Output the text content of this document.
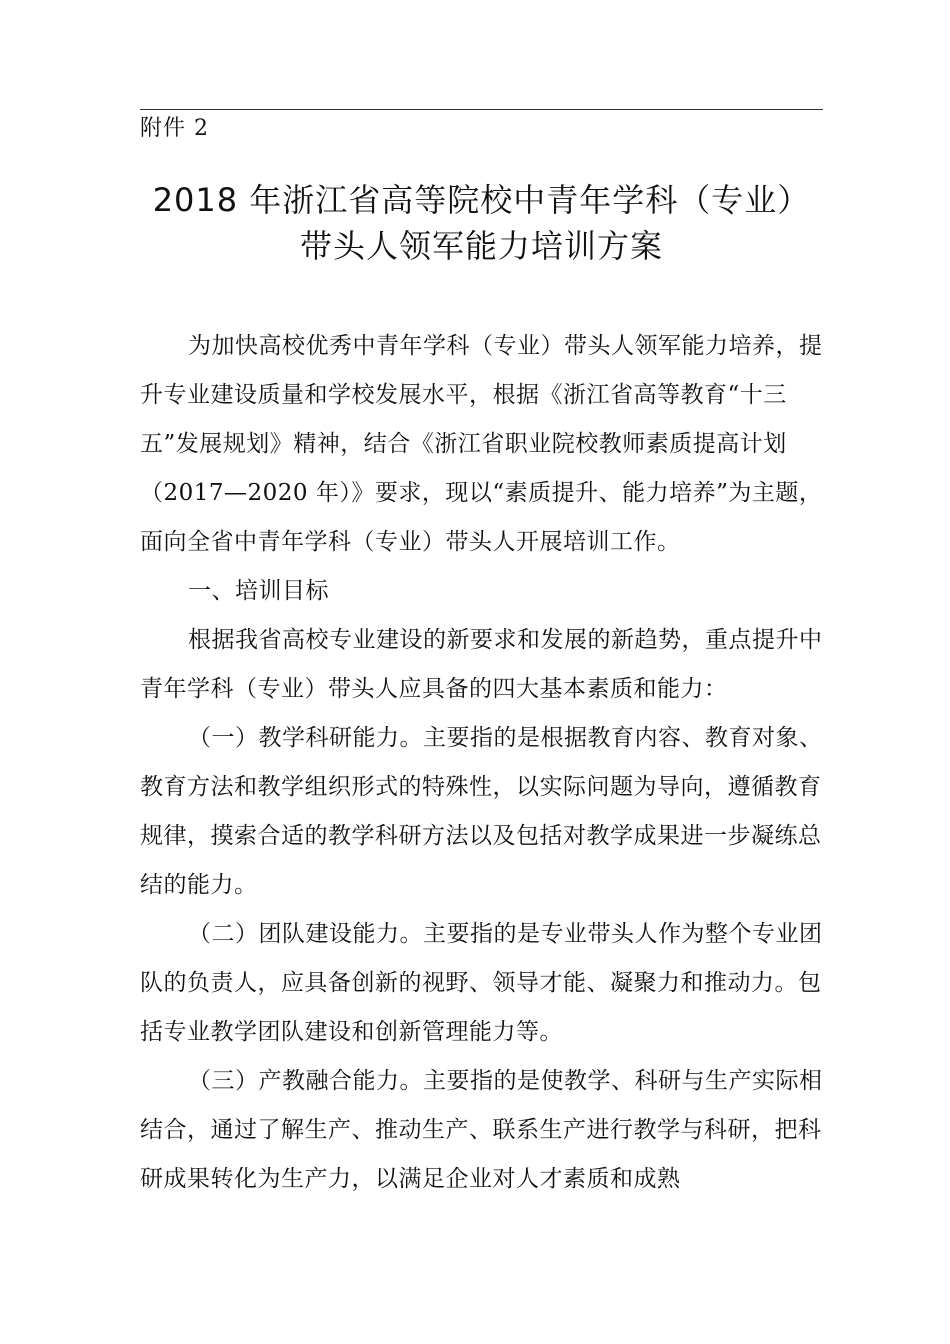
附件 2
2018 年浙江省高等院校中青年学科（专业）
带头人领军能力培训方案

为加快高校优秀中青年学科（专业）带头人领军能力培养，提升专业建设质量和学校发展水平，根据《浙江省高等教育“十三五”发展规划》精神，结合《浙江省职业院校教师素质提高计划（2017—2020 年）》要求，现以“素质提升、能力培养”为主题，面向全省中青年学科（专业）带头人开展培训工作。

一、培训目标

根据我省高校专业建设的新要求和发展的新趋势，重点提升中青年学科（专业）带头人应具备的四大基本素质和能力：

（一）教学科研能力。主要指的是根据教育内容、教育对象、教育方法和教学组织形式的特殊性，以实际问题为导向，遵循教育规律，摸索合适的教学科研方法以及包括对教学成果进一步凝练总结的能力。

（二）团队建设能力。主要指的是专业带头人作为整个专业团队的负责人，应具备创新的视野、领导才能、凝聚力和推动力。包括专业教学团队建设和创新管理能力等。

（三）产教融合能力。主要指的是使教学、科研与生产实际相结合，通过了解生产、推动生产、联系生产进行教学与科研，把科研成果转化为生产力，以满足企业对人才素质和成熟
